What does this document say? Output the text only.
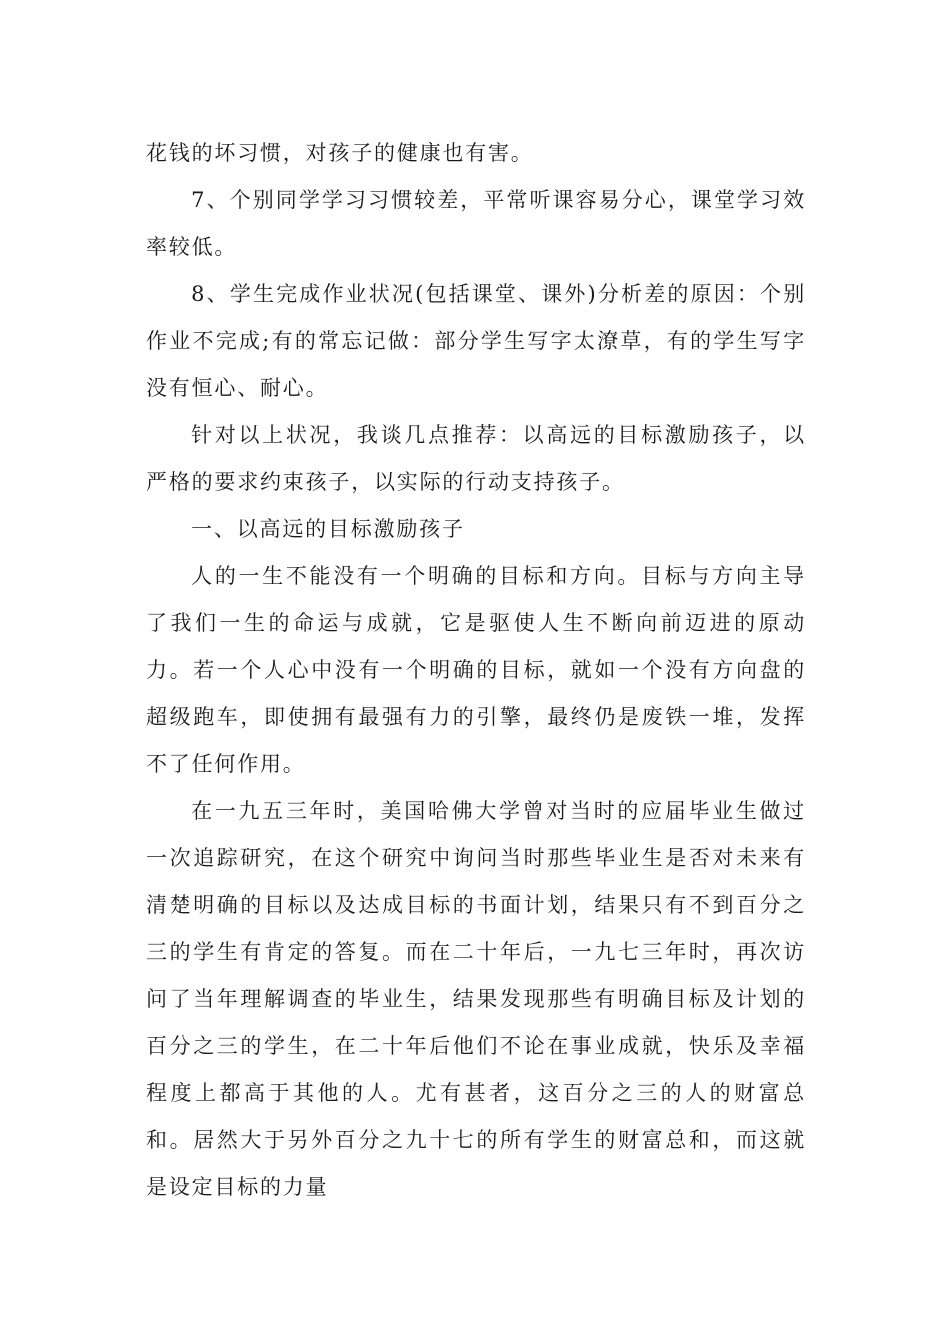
花钱的坏习惯，对孩子的健康也有害。

7、个别同学学习习惯较差，平常听课容易分心，课堂学习效率较低。

8、学生完成作业状况(包括课堂、课外)分析差的原因：个别作业不完成;有的常忘记做：部分学生写字太潦草，有的学生写字没有恒心、耐心。

针对以上状况，我谈几点推荐：以高远的目标激励孩子，以严格的要求约束孩子，以实际的行动支持孩子。

一、以高远的目标激励孩子

人的一生不能没有一个明确的目标和方向。目标与方向主导了我们一生的命运与成就，它是驱使人生不断向前迈进的原动力。若一个人心中没有一个明确的目标，就如一个没有方向盘的超级跑车，即使拥有最强有力的引擎，最终仍是废铁一堆，发挥不了任何作用。

在一九五三年时，美国哈佛大学曾对当时的应届毕业生做过一次追踪研究，在这个研究中询问当时那些毕业生是否对未来有清楚明确的目标以及达成目标的书面计划，结果只有不到百分之三的学生有肯定的答复。而在二十年后，一九七三年时，再次访问了当年理解调查的毕业生，结果发现那些有明确目标及计划的百分之三的学生，在二十年后他们不论在事业成就，快乐及幸福程度上都高于其他的人。尤有甚者，这百分之三的人的财富总和。居然大于另外百分之九十七的所有学生的财富总和，而这就是设定目标的力量
